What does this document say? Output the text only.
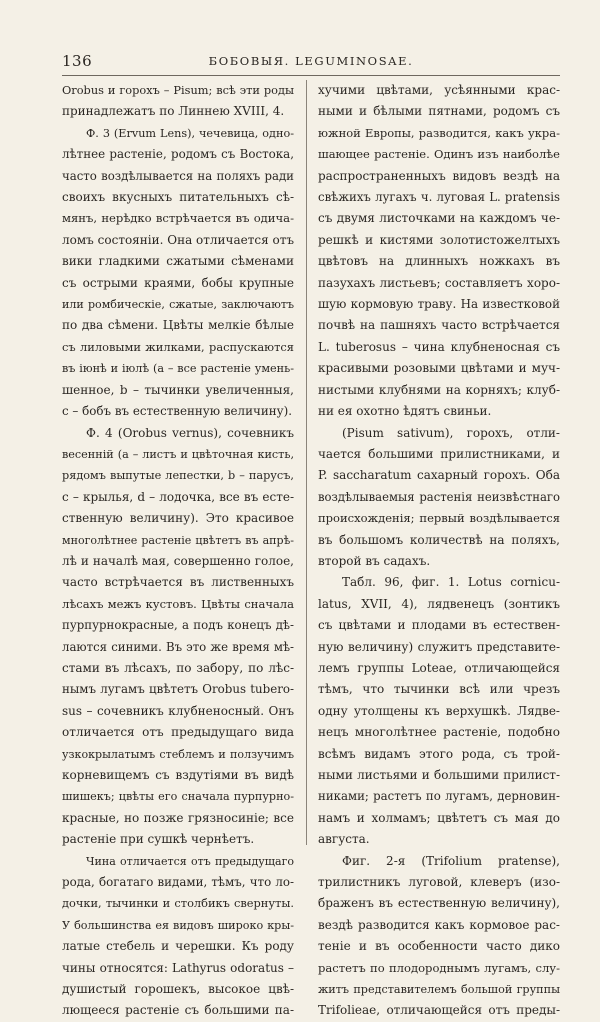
136	БОБОВЫЯ. LEGUMINOSAE.
Orobus и горохъ – Pisum; всѣ эти роды
принадлежатъ по Линнею XVIII, 4.
Ф. 3 (Ervum Lens), чечевица, одно-
лѣтнее растеніе, родомъ съ Востока,
часто воздѣлывается на поляхъ ради
своихъ вкусныхъ питательныхъ сѣ-
мянъ, нерѣдко встрѣчается въ одича-
ломъ состояніи. Она отличается отъ
вики гладкими сжатыми сѣменами
съ острыми краями, бобы крупные
или ромбическіе, сжатые, заключаютъ
по два сѣмени. Цвѣты мелкіе бѣлые
съ лиловыми жилками, распускаются
въ іюнѣ и іюлѣ (а – все растеніе умень-
шенное, b – тычинки увеличенныя,
c – бобъ въ естественную величину).
Ф. 4 (Orobus vernus), сочевникъ
весенній (а – листъ и цвѣточная кисть,
рядомъ выпутые лепестки, b – парусъ,
c – крылья, d – лодочка, все въ есте-
ственную величину). Это красивое
многолѣтнее растеніе цвѣтетъ въ апрѣ-
лѣ и началѣ мая, совершенно голое,
часто встрѣчается въ лиственныхъ
лѣсахъ межъ кустовъ. Цвѣты сначала
пурпурнокрасные, а подъ конецъ дѣ-
лаются синими. Въ это же время мѣ-
стами въ лѣсахъ, по забору, по лѣс-
нымъ лугамъ цвѣтетъ Orobus tubero-
sus – сочевникъ клубненосный. Онъ
отличается отъ предыдущаго вида
узкокрылатымъ стеблемъ и ползучимъ
корневищемъ съ вздутіями въ видѣ
шишекъ; цвѣты его сначала пурпурно-
красные, но позже грязносиніе; все
растеніе при сушкѣ чернѣетъ.
Чина отличается отъ предыдущаго
рода, богатаго видами, тѣмъ, что ло-
дочки, тычинки и столбикъ свернуты.
У большинства ея видовъ широко кры-
латые стебель и черешки. Къ роду
чины относятся: Lathyrus odoratus –
душистый горошекъ, высокое цвѣ-
лющееся растеніе съ большими па-
хучими цвѣтами, усѣянными крас-
ными и бѣлыми пятнами, родомъ съ
южной Европы, разводится, какъ укра-
шающее растеніе. Одинъ изъ наиболѣе
распространенныхъ видовъ вездѣ на
свѣжихъ лугахъ ч. луговая L. pratensis
съ двумя листочками на каждомъ че-
решкѣ и кистями золотистожелтыхъ
цвѣтовъ на длинныхъ ножкахъ въ
пазухахъ листьевъ; составляетъ хоро-
шую кормовую траву. На известковой
почвѣ на пашняхъ часто встрѣчается
L. tuberosus – чина клубненосная съ
красивыми розовыми цвѣтами и муч-
нистыми клубнями на корняхъ; клуб-
ни ея охотно ѣдятъ свиньи.
(Pisum sativum), горохъ, отли-
чается большими прилистниками, и
P. saccharatum сахарный горохъ. Оба
воздѣлываемыя растенія неизвѣстнаго
происхожденія; первый воздѣлывается
въ большомъ количествѣ на поляхъ,
второй въ садахъ.
Табл. 96, фиг. 1. Lotus cornicu-
latus, XVII, 4), лядвенецъ (зонтикъ
съ цвѣтами и плодами въ естествен-
ную величину) служитъ представите-
лемъ группы Loteae, отличающейся
тѣмъ, что тычинки всѣ или чрезъ
одну утолщены къ верхушкѣ. Лядве-
нецъ многолѣтнее растеніе, подобно
всѣмъ видамъ этого рода, съ трой-
ными листьями и большими прилист-
никами; растетъ по лугамъ, дерновин-
намъ и холмамъ; цвѣтетъ съ мая до
августа.
Фиг. 2-я (Trifolium pratense),
трилистникъ луговой, клеверъ (изо-
браженъ въ естественную величину),
вездѣ разводится какъ кормовое рас-
теніе и въ особенности часто дико
растетъ по плодороднымъ лугамъ, слу-
житъ представителемъ большой группы
Trifolieae, отличающейся отъ преды-
